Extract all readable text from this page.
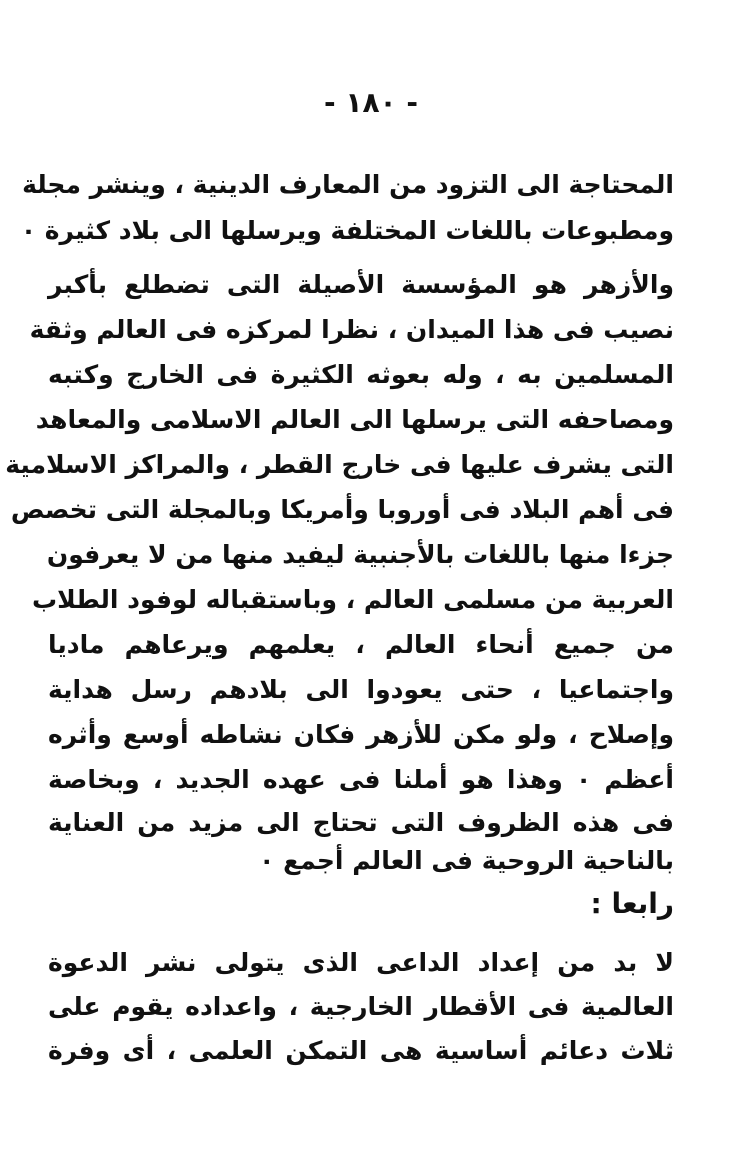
- ١٨٠ -
المحتاجة الى التزود من المعارف الدينية ، وينشر مجلة
ومطبوعات باللغات المختلفة ويرسلها الى بلاد كثيرة ٠
والأزهر هو المؤسسة الأصيلة التى تضطلع بأكبر
نصيب فى هذا الميدان ، نظرا لمركزه فى العالم وثقة
المسلمين به ، وله بعوثه الكثيرة فى الخارج وكتبه
ومصاحفه التى يرسلها الى العالم الاسلامى والمعاهد
التى يشرف عليها فى خارج القطر ، والمراكز الاسلامية
فى أهم البلاد فى أوروبا وأمريكا وبالمجلة التى تخصص
جزءا منها باللغات بالأجنبية ليفيد منها من لا يعرفون
العربية من مسلمى العالم ، وباستقباله لوفود الطلاب
من جميع أنحاء العالم ، يعلمهم ويرعاهم ماديا
واجتماعيا ، حتى يعودوا الى بلادهم رسل هداية
وإصلاح ، ولو مكن للأزهر فكان نشاطه أوسع وأثره
أعظم ٠ وهذا هو أملنا فى عهده الجديد ، وبخاصة
فى هذه الظروف التى تحتاج الى مزيد من العناية
بالناحية الروحية فى العالم أجمع ٠
رابعا :
لا بد من إعداد الداعى الذى يتولى نشر الدعوة
العالمية فى الأقطار الخارجية ، واعداده يقوم على
ثلاث دعائم أساسية هى التمكن العلمى ، أى وفرة
